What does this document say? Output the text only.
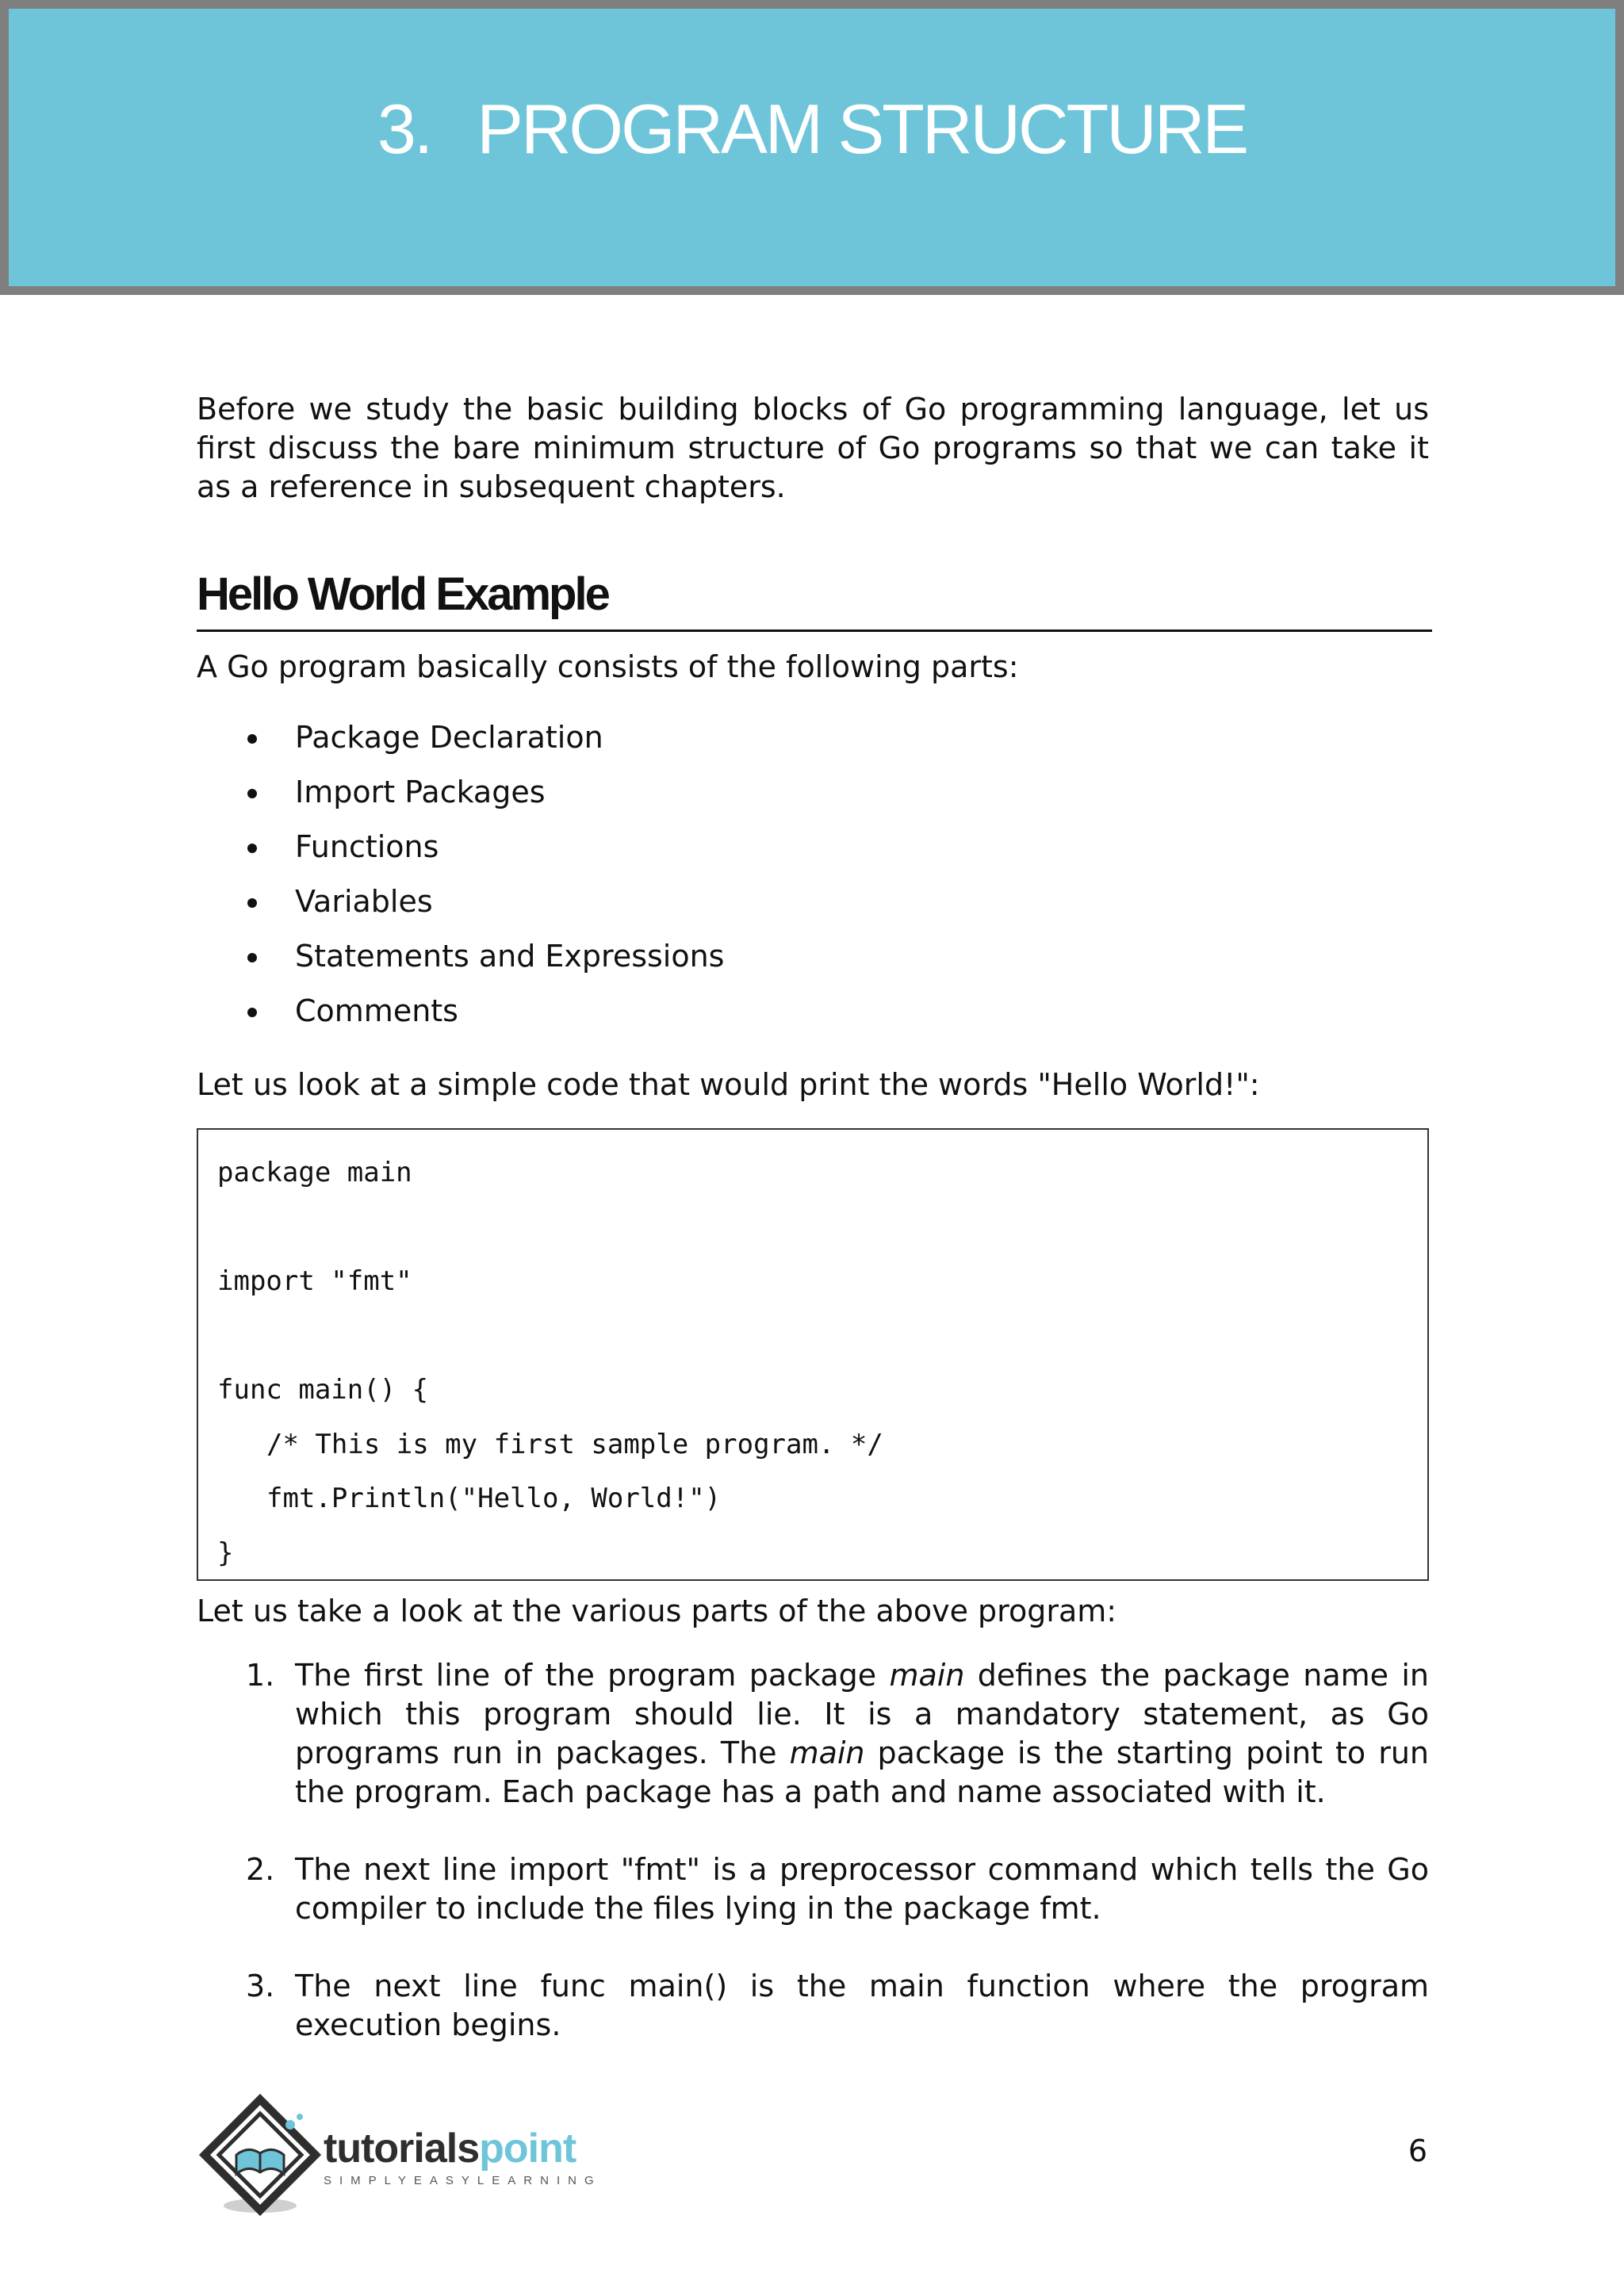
3. PROGRAM STRUCTURE

Before we study the basic building blocks of Go programming language, let us first discuss the bare minimum structure of Go programs so that we can take it as a reference in subsequent chapters.

Hello World Example

A Go program basically consists of the following parts:

Package Declaration
Import Packages
Functions
Variables
Statements and Expressions
Comments

Let us look at a simple code that would print the words "Hello World!":

package main
import "fmt"
func main() {
/* This is my first sample program. */
fmt.Println("Hello, World!")
}

Let us take a look at the various parts of the above program:

1. The first line of the program package main defines the package name in which this program should lie. It is a mandatory statement, as Go programs run in packages. The main package is the starting point to run the program. Each package has a path and name associated with it.
2. The next line import "fmt" is a preprocessor command which tells the Go compiler to include the files lying in the package fmt.
3. The next line func main() is the main function where the program execution begins.
tutorialspoint
SIMPLYEASYLEARNING
6
